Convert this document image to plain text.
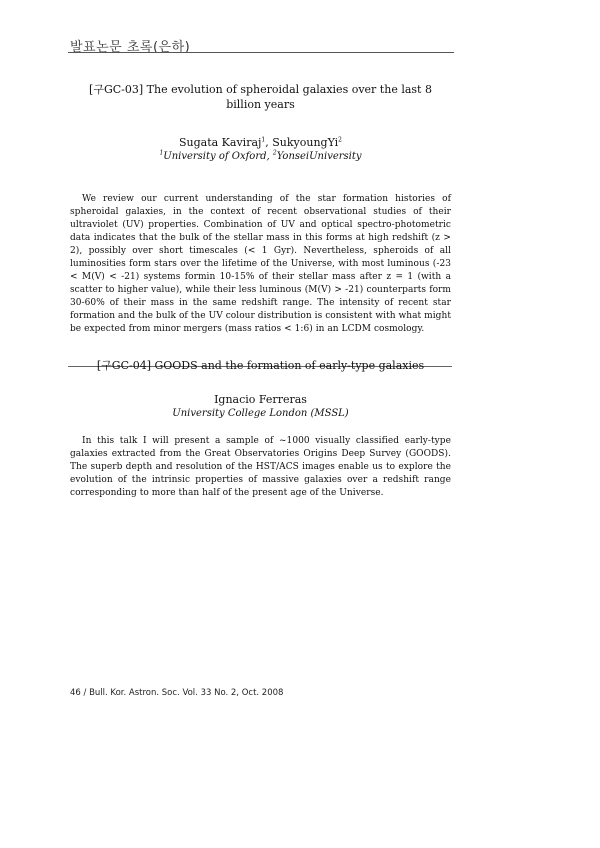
발표논문 초록(은하)
[구GC-03] The evolution of spheroidal galaxies over the last 8 billion years

Sugata Kaviraj$^1$, SukyoungYi$^2$

$^1$University of Oxford, $^2$YonseiUniversity

We review our current understanding of the star formation histories of spheroidal galaxies, in the context of recent observational studies of their ultraviolet (UV) properties. Combination of UV and optical spectro-photometric data indicates that the bulk of the stellar mass in this forms at high redshift (z > 2), possibly over short timescales (< 1 Gyr). Nevertheless, spheroids of all luminosities form stars over the lifetime of the Universe, with most luminous (-23 < M(V) < -21) systems formin 10-15% of their stellar mass after z = 1 (with a scatter to higher value), while their less luminous (M(V) > -21) counterparts form 30-60% of their mass in the same redshift range. The intensity of recent star formation and the bulk of the UV colour distribution is consistent with what might be expected from minor mergers (mass ratios < 1:6) in an LCDM cosmology.

[구GC-04] GOODS and the formation of early-type galaxies

Ignacio Ferreras

University College London (MSSL)

In this talk I will present a sample of ~1000 visually classified early-type galaxies extracted from the Great Observatories Origins Deep Survey (GOODS). The superb depth and resolution of the HST/ACS images enable us to explore the evolution of the intrinsic properties of massive galaxies over a redshift range corresponding to more than half of the present age of the Universe.

46 / Bull. Kor. Astron. Soc. Vol. 33 No. 2, Oct. 2008
